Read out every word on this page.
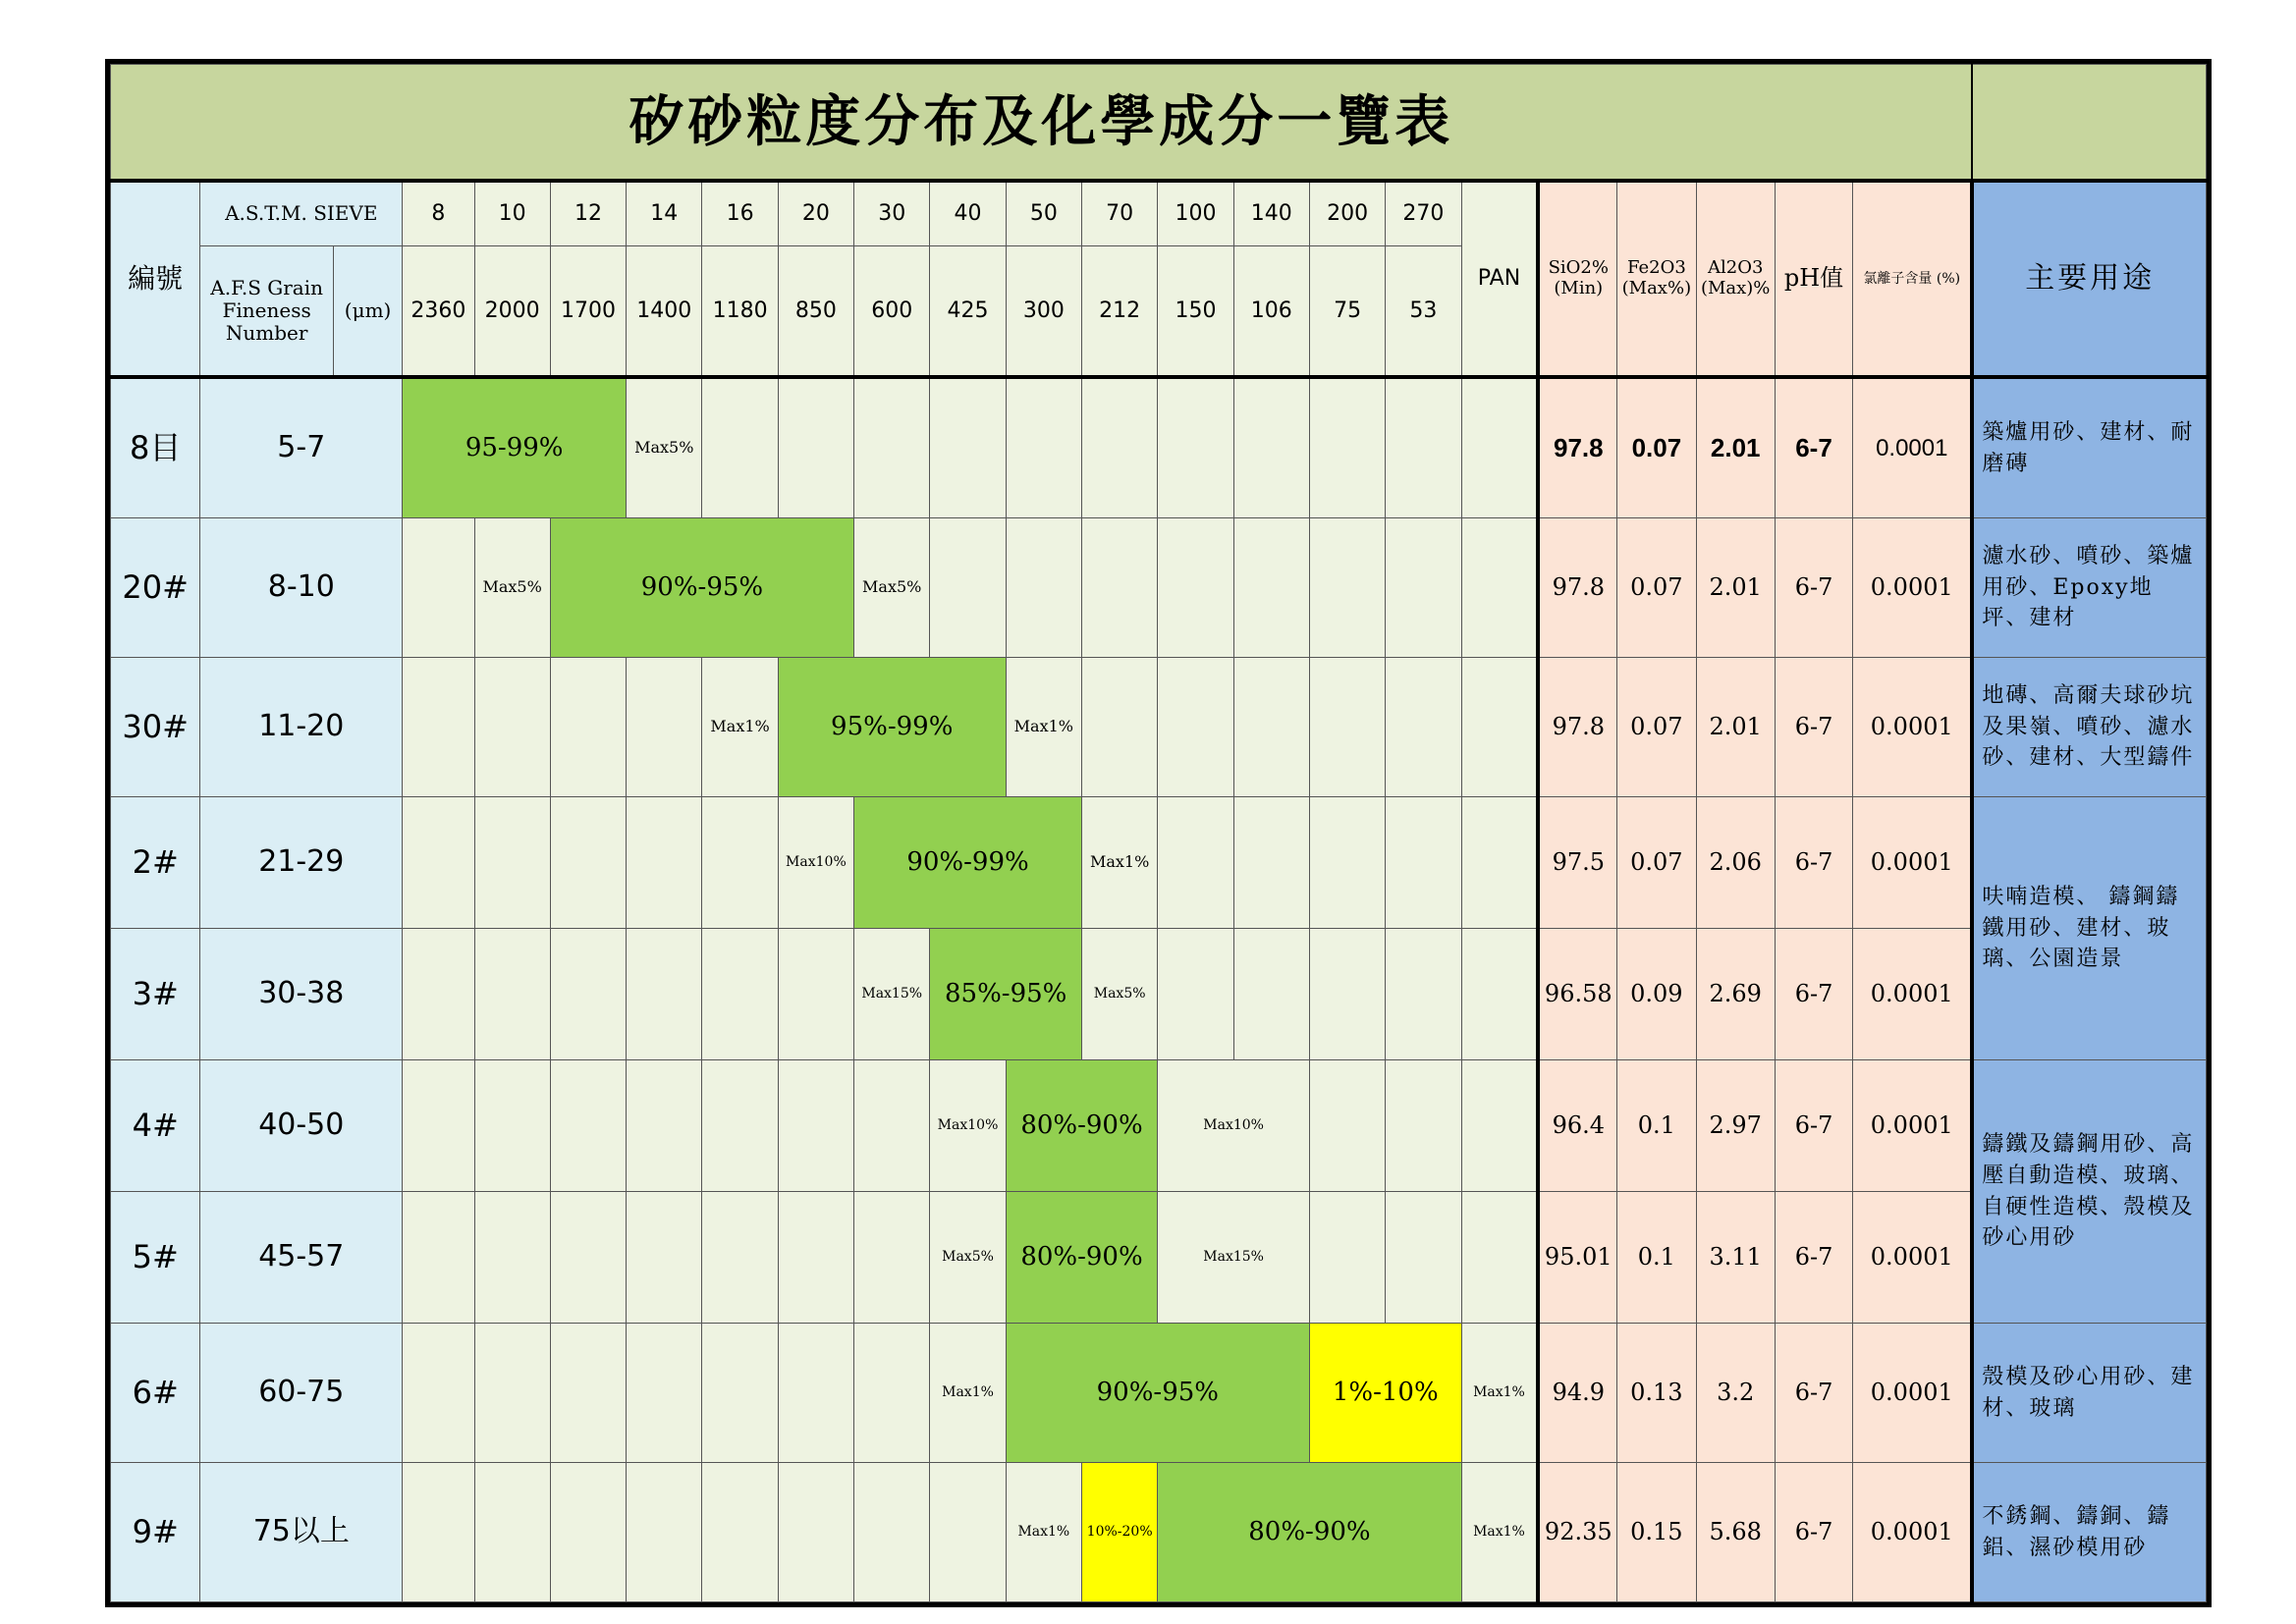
矽砂粒度分布及化學成分一覽表																							
編號	A.S.T.M. SIEVE		8	10	12	14	16	20	30	40	50	70	100	140	200	270	PAN	SiO2% (Min)	Fe2O3 (Max%)	Al2O3 (Max)%	pH值	氯離子含量 (%)	主要用途
	A.F.S Grain Fineness Number	(μm)	2360	2000	1700	1400	1180	850	600	425	300	212	150	106	75	53							
8目	5-7		95-99%			Max5%												97.8	0.07	2.01	6-7	0.0001	築爐用砂、建材、耐磨磚
20#	8-10			Max5%	90%-95%				Max5%									97.8	0.07	2.01	6-7	0.0001	濾水砂、噴砂、築爐用砂、Epoxy地坪、建材
30#	11-20						Max1%	95%-99%			Max1%							97.8	0.07	2.01	6-7	0.0001	地磚、高爾夫球砂坑及果嶺、噴砂、濾水砂、建材、大型鑄件
2#	21-29							Max10%	90%-99%			Max1%						97.5	0.07	2.06	6-7	0.0001	呋喃造模、 鑄鋼鑄鐵用砂、建材、玻璃、公園造景
3#	30-38								Max15%	85%-95%		Max5%						96.58	0.09	2.69	6-7	0.0001	
4#	40-50									Max10%	80%-90%		Max10%					96.4	0.1	2.97	6-7	0.0001	鑄鐵及鑄鋼用砂、高壓自動造模、玻璃、自硬性造模、殼模及砂心用砂
5#	45-57									Max5%	80%-90%		Max15%					95.01	0.1	3.11	6-7	0.0001	
6#	60-75									Max1%	90%-95%				1%-10%		Max1%	94.9	0.13	3.2	6-7	0.0001	殼模及砂心用砂、建材、玻璃
9#	75以上										Max1%	10%-20%	80%-90%				Max1%	92.35	0.15	5.68	6-7	0.0001	不銹鋼、鑄銅、鑄鋁、濕砂模用砂
